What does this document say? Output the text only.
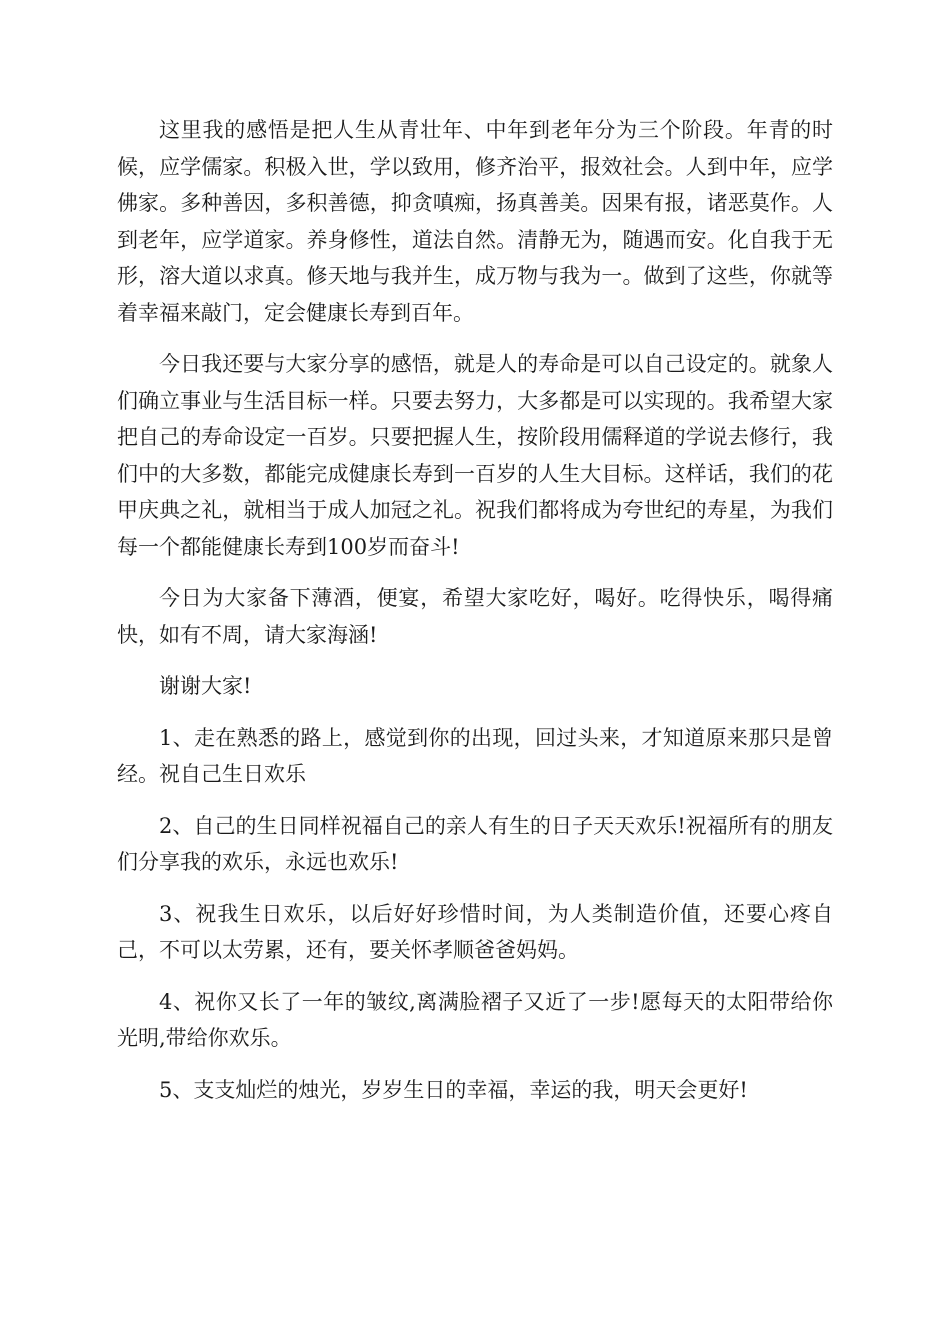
这里我的感悟是把人生从青壮年、中年到老年分为三个阶段。年青的时候，应学儒家。积极入世，学以致用，修齐治平，报效社会。人到中年，应学佛家。多种善因，多积善德，抑贪嗔痴，扬真善美。因果有报，诸恶莫作。人到老年，应学道家。养身修性，道法自然。清静无为，随遇而安。化自我于无形，溶大道以求真。修天地与我并生，成万物与我为一。做到了这些，你就等着幸福来敲门，定会健康长寿到百年。

今日我还要与大家分享的感悟，就是人的寿命是可以自己设定的。就象人们确立事业与生活目标一样。只要去努力，大多都是可以实现的。我希望大家把自己的寿命设定一百岁。只要把握人生，按阶段用儒释道的学说去修行，我们中的大多数，都能完成健康长寿到一百岁的人生大目标。这样话，我们的花甲庆典之礼，就相当于成人加冠之礼。祝我们都将成为夸世纪的寿星，为我们每一个都能健康长寿到100岁而奋斗!

今日为大家备下薄酒，便宴，希望大家吃好，喝好。吃得快乐，喝得痛快，如有不周，请大家海涵!

谢谢大家!

1、走在熟悉的路上，感觉到你的出现，回过头来，才知道原来那只是曾经。祝自己生日欢乐

2、自己的生日同样祝福自己的亲人有生的日子天天欢乐!祝福所有的朋友们分享我的欢乐，永远也欢乐!

3、祝我生日欢乐，以后好好珍惜时间，为人类制造价值，还要心疼自己，不可以太劳累，还有，要关怀孝顺爸爸妈妈。

4、祝你又长了一年的皱纹,离满脸褶子又近了一步!愿每天的太阳带给你光明,带给你欢乐。

5、支支灿烂的烛光，岁岁生日的幸福，幸运的我，明天会更好!
